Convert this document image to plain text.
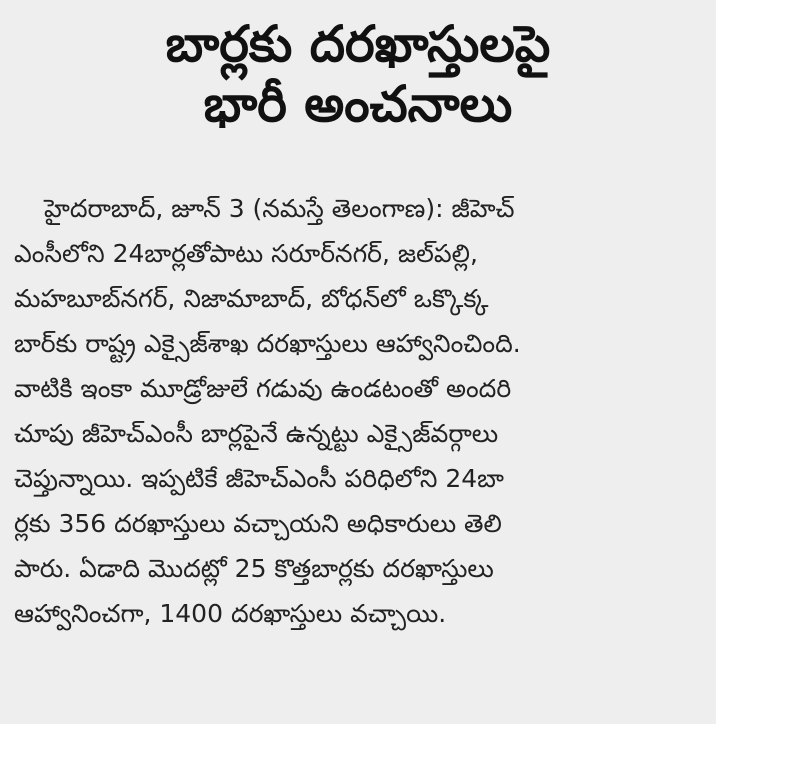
బార్లకు దరఖాస్తులపై
భారీ అంచనాలు
హైదరాబాద్, జూన్ 3 (నమస్తే తెలంగాణ): జీహెచ్
ఎంసీలోని 24బార్లతోపాటు సరూర్‌నగర్, జల్‌పల్లి,
మహబూబ్‌నగర్, నిజామాబాద్, బోధన్‌లో ఒక్కొక్క
బార్‌కు రాష్ట్ర ఎక్సైజ్‌శాఖ దరఖాస్తులు ఆహ్వానించింది.
వాటికి ఇంకా మూడ్రోజులే గడువు ఉండటంతో అందరి
చూపు జీహెచ్‌ఎంసీ బార్లపైనే ఉన్నట్టు ఎక్సైజ్‌వర్గాలు
చెప్తున్నాయి. ఇప్పటికే జీహెచ్‌ఎంసీ పరిధిలోని 24బా
ర్లకు 356 దరఖాస్తులు వచ్చాయని అధికారులు తెలి
పారు. ఏడాది మొదట్లో 25 కొత్తబార్లకు దరఖాస్తులు
ఆహ్వానించగా, 1400 దరఖాస్తులు వచ్చాయి.
